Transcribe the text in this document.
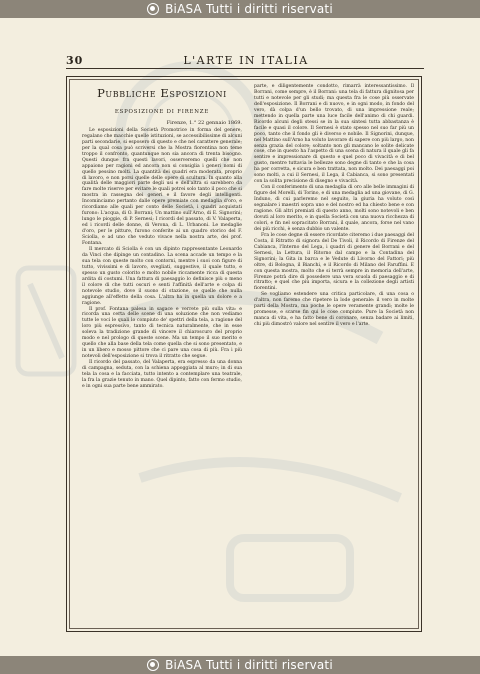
BiASA Tutti i diritti riservati
30	L'ARTE IN ITALIA
Pubbliche Esposizioni
ESPOSIZIONE DI FIRENZE
Firenze, 1.° 22 gennaio 1869.

Le esposizioni della Società Promotrice in forma del genere, regalano che macchie quelle istituzioni, se accessibilissime di alcuni parti secondarie, si esposero di questo e che nel carattere generale; per la qual cosa può scriversi che la Mostra fiorentina non teme troppo il confronto, quantunque non sia ancora di trenta bisogno. Questi dunque fra questi lavori, osserveremo quelli che non appaiono per ragioni ed ancora non si consiglia i generi nomi di quello pessino molti. La quantità dei quadri era moderata, proprio di lavoro, e non porsi quelle delle opere di scultura. In quanto alla qualità delle maggiori parte degli usi e dell'altra si sarebbero da fare molte riserve per evitare le quali potrei solo tanto il poco che si mostra in rassegna dei generi e il favore degli intelligenti. Incominciamo pertanto dalle opere premiate con medaglia d'oro, e ricordiamo alle quali per conto delle Società, i quadri acquistati furono: L'acqua, di O. Borrani; Un mattino sull'Arno, di E. Signorini; lungo le pioggie, di P. Sernesi; I ricordi del passato, di V. Valaperta, ed i ricordi delle donne, di Verona, di L. Urbanoni. Le medaglie d'oro, per le pitture, furono conferite ai un quadro storico del F. Sciolla, e ad uno che veduto vivace nella nostra arte, dei prof. Fontana.

Il mercato di Sciolla è con un dipinto rappresentante Leonardo da Vinci che dipinge un contadino. La scena accade un tempo e la sua tela con queste molto con contorni, mentre i suoi con figure di tutto, vivissimi e di lavoro, svegliati, suggestive, il quale tutto, e spesso un gusto colorito e molto nobile riccamente ricca di questa ardita di costumi. Una fattura di paesaggio lo definisce più o meno il colore di che tutti oscuri e senti l'affinità dell'arte e colpa di notevole studio, dove il suono di stazione, se quelle che nulla aggiunge all'effetto della cosa. L'altra ha in quella un dolore e a ragione.

Il prof. Fontana palesa in sagace e verrete più sulla vita: e ricorda una certa delle scene di una soluzione che non vediamo tutte le voci le quali lo compiuto de' spettri della tela, a ragione del loro più espressivo, tanto di tecnica naturalmente, che in esse soleva la tradizione grande di vincere il chiaroscuro del proprio modo e nel prologo di queste scene. Ma un tempo il suo merito e quello che alla base della tela come quella che si sono presentato, e in un libero e mosso pittore che ci pare una cosa di più. Fra i più notevoli dell'esposizione si trova il ritratto che segue.

Il ricordo del passato, del Valaperta, era espresso da una donna di campagna, seduta, con la schiena appoggiata al muro; in di sua tela la cosa e la facciata, tutto intento a contemplare una teatrale, la fra la grazie tenuto in mano. Quel dipinto, fatto con fermo studio, e in ogni sua parte bene ammirato.

parte, e diligentemente condotto, rimarrà interessantissimo. Il Borrani, come sempre, è il Borrani: una tela di fattura dignitosa per tutti e notevole per gli studi; ma questa fra le cose più osservate dell'esposizione. Il Borrani e di nuovo, e in ogni modo, in fondo del vero, dà colpa d'un bello trovato, di una impressione reale; mettendo in quella parte una luce facile dell'animo di chi guardi. Ricordo alcuni degli stessi se in la sua sintesi tutta abbastanza è facile e quasi il colore. Il Sernesi è stato spesso nel suo far più un poco, tanto che il fondo gli è diverso e nobile. Il Signorini, dunque, nel Mattino sull'Arno ha voluto lavorare di sapere con più largo, non senza grazia del colore; soltanto non gli mancano le solite delicate cose, che in questo ha l'aspetto di una scena di natura il quale gli fa sentire e impressionare di questo e quel poco di vivacità e di bel gusto, mentre tuttavia le bellezze sono degne di tanto e che la cosa ha per corretta, e sicura e ben trattata, non molto. Dei paesaggi poi sono molti, a cui il Sernesi, il Lega, il Cabianca, si sono presentati con la solita precisione di disegno e vivacità.

Con il conferimento di una medaglia di oro alle belle immagini di figure del Morelli, di Torino, e di una medaglia ad una giovane, di G. Induno, di cui parleremo nel seguito, la giuria ha voluto così segnalare i maestri sopra uno e del nostro ed ha chiesto bene e con ragione. Gli altri premiati di questo anno, molti sono notevoli e ben dovuti al loro merito, e in quella Società con una nuova ricchezza di colori, e fin nel sopracitato Borrani, il quale, ancora, forse nel vano dei più ricchi, è senza dubbio un valente.

Fra le cose degne di essere ricordate citeremo i due paesaggi del Costa, il Ritratto di signora del De Tivoli, il Ricordo di Firenze del Cabianca, l'Interno del Lega, i quadri di genere del Borrani e del Sernesi, la Lettura, il Ritorno dal campo e la Contadina del Signorini; la Gita in barca e le Vedute di Livorno del Fattori; più oltre, di Bologna, il Bianchi, e il Ricordo di Milano del Faruffini. E con questa mostra, molto che si terrà sempre in memoria dell'arte, Firenze potrà dire di possedere una vera scuola di paesaggio e di ritratto; e quel che più importa, sicura e la collezione degli artisti fiorentini.

Se vogliamo estendere una critica particolare, di una cosa o d'altra, non faremo che ripetere la lode generale: il vero in molte parti della Mostra, ma poche le opere veramente grandi; molte le promesse, e scarse fin qui le cose compiute. Pure la Società non manca di vita, e ha fatto bene di coronare, senza badare ai limiti, chi più dimostrò valore nel sentire il vero e l'arte.

BiASA Tutti i diritti riservati
